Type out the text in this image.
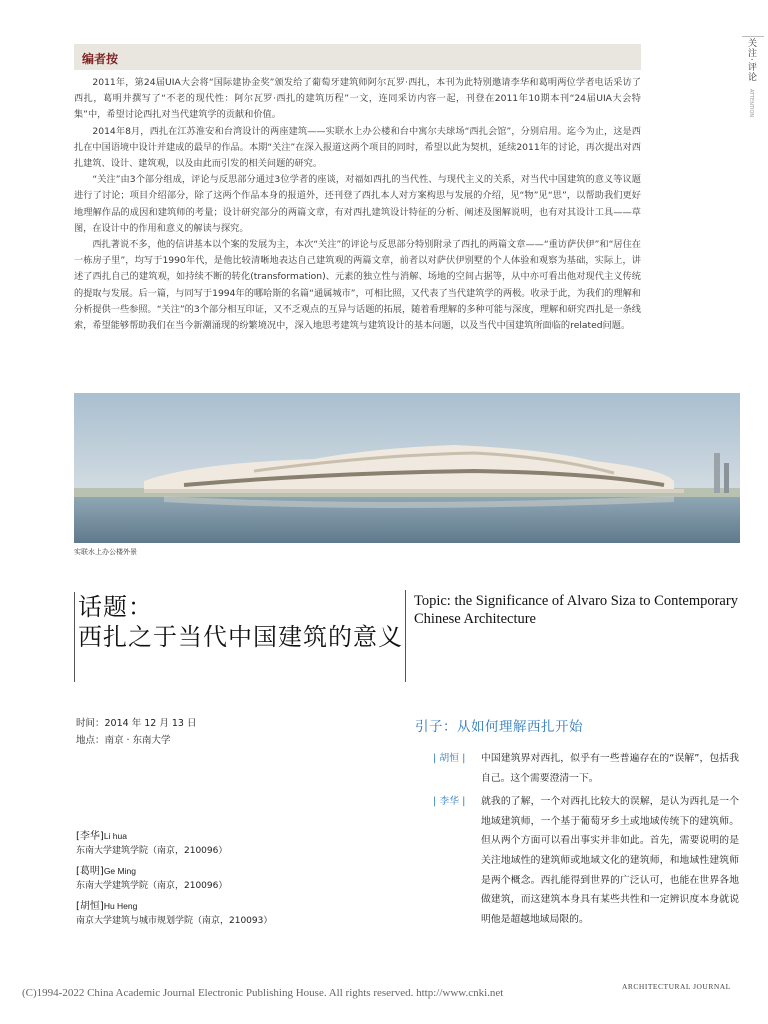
关注·评论 ATTENTION
编者按

2011年，第24届UIA大会将“国际建协金奖”颁发给了葡萄牙建筑师阿尔瓦罗·西扎，本刊为此特别邀请李华和葛明两位学者电话采访了西扎，葛明并撰写了“不老的现代性：阿尔瓦罗·西扎的建筑历程”一文，连同采访内容一起，刊登在2011年10期本刊“24届UIA大会特集”中，希望讨论西扎对当代建筑学的贡献和价值。

2014年8月，西扎在江苏淮安和台湾设计的两座建筑——实联水上办公楼和台中寓尔夫球场“西扎会馆”，分别启用。迄今为止，这是西扎在中国语境中设计并建成的最早的作品。本期“关注”在深入报道这两个项目的同时，希望以此为契机，延续2011年的讨论，再次提出对西扎建筑、设计、建筑观，以及由此而引发的相关问题的研究。

“关注”由3个部分组成，评论与反思部分通过3位学者的座谈，对福如西扎的当代性、与现代主义的关系，对当代中国建筑的意义等议题进行了讨论；项目介绍部分，除了这两个作品本身的报道外，还刊登了西扎本人对方案构思与发展的介绍，见“物”见“思”，以帮助我们更好地理解作品的成因和建筑师的考量；设计研究部分的两篇文章，有对西扎建筑设计特征的分析、阐述及图解说明，也有对其设计工具——草图，在设计中的作用和意义的解读与探究。

西扎著说不多，他的信讲基本以个案的发展为主，本次“关注”的评论与反思部分特别附录了西扎的两篇文章——“重访萨伏伊”和“居住在一栋房子里”，均写于1990年代，是他比较清晰地表达自己建筑观的两篇文章，前者以对萨伏伊别墅的个人体验和观察为基础，实际上，讲述了西扎自己的建筑观，如持续不断的转化(transformation)、元素的独立性与消解、场地的空间占据等，从中亦可看出他对现代主义传统的提取与发展。后一篇，与同写于1994年的哪哈斯的名篇“通属城市”，可相比照，又代表了当代建筑学的两极。收录于此，为我们的理解和分析提供一些参照。“关注”的3个部分相互印证，又不乏观点的互异与话题的拓展，随着看理解的多种可能与深度，理解和研究西扎是一条线索，希望能够帮助我们在当今新潮涌现的纷繁境况中，深入地思考建筑与建筑设计的基本问题，以及当代中国建筑所面临的related问题。

实联水上办公楼外景
话题：
西扎之于当代中国建筑的意义
Topic: the Significance of Alvaro Siza to Contemporary Chinese Architecture
时间：2014 年 12 月 13 日
地点：南京 · 东南大学
[李华]Li hua
东南大学建筑学院（南京，210096）
[葛明]Ge Ming
东南大学建筑学院（南京，210096）
[胡恒]Hu Heng
南京大学建筑与城市规划学院（南京，210093）
引子：从如何理解西扎开始
| 胡恒 |	中国建筑界对西扎，似乎有一些普遍存在的“误解”，包括我自己。这个需要澄清一下。
| 李华 |	就我的了解，一个对西扎比较大的误解，是认为西扎是一个地域建筑师，一个基于葡萄牙乡土或地域传统下的建筑师。但从两个方面可以看出事实并非如此。首先，需要说明的是关注地域性的建筑师或地域文化的建筑师，和地域性建筑师是两个概念。西扎能得到世界的广泛认可，也能在世界各地做建筑，而这建筑本身具有某些共性和一定辨识度本身就说明他是超越地域局限的。
(C)1994-2022 China Academic Journal Electronic Publishing House. All rights reserved. http://www.cnki.net
ARCHITECTURAL JOURNAL
